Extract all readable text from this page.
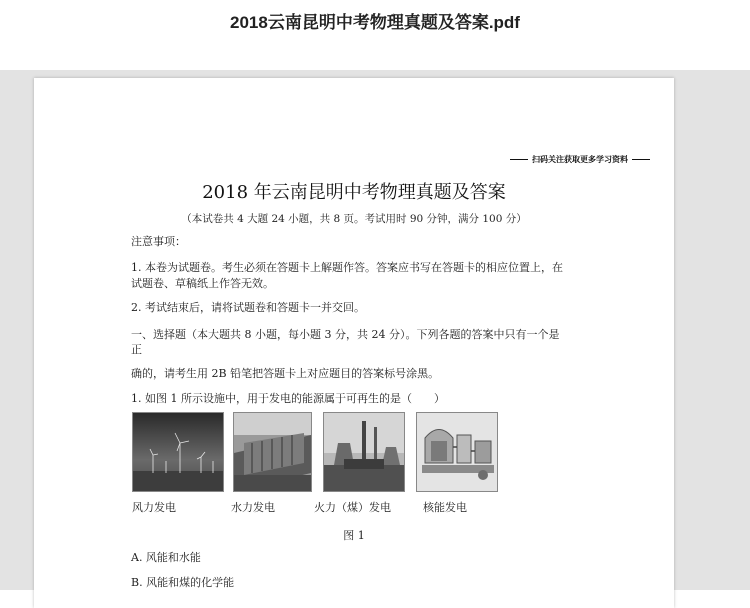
2018云南昆明中考物理真题及答案.pdf
扫码关注获取更多学习资料
2018 年云南昆明中考物理真题及答案
（本试卷共 4 大题 24 小题，共 8 页。考试用时 90 分钟，满分 100 分）
注意事项：
1. 本卷为试题卷。考生必须在答题卡上解题作答。答案应书写在答题卡的相应位置上，在
试题卷、草稿纸上作答无效。
2. 考试结束后，请将试题卷和答题卡一并交回。
一、选择题（本大题共 8 小题，每小题 3 分，共 24 分）。下列各题的答案中只有一个是
正
确的，请考生用 2B 铅笔把答题卡上对应题目的答案标号涂黑。
1. 如图 1 所示设施中，用于发电的能源属于可再生的是（　　）
风力发电	水力发电	火力（煤）发电	核能发电
图 1
A. 风能和水能
B. 风能和煤的化学能
